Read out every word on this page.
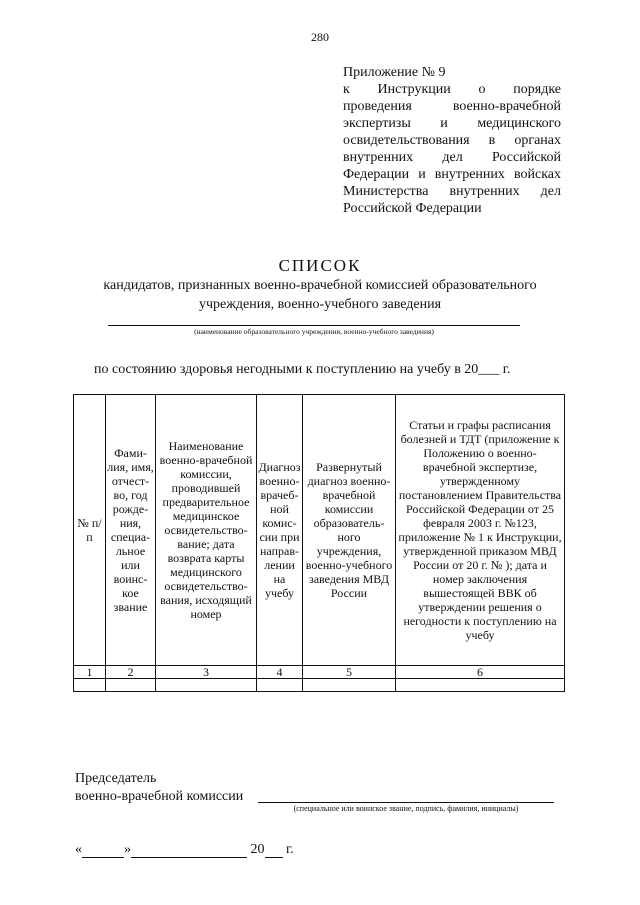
280
Приложение № 9
к Инструкции о порядке
проведения военно-врачебной
экспертизы и медицинского
освидетельствования в органах
внутренних дел Российской
Федерации и внутренних войсках
Министерства внутренних дел
Российской Федерации
СПИСОК
кандидатов, признанных военно-врачебной комиссией образовательного
учреждения, военно-учебного заведения
(наименование образовательного учреждения, военно-учебного заведения)
по состоянию здоровья негодными к поступлению на учебу в 20___ г.
№ п/п	Фами-лия, имя, отчест-во, год рожде-ния, специа-льное или воинс-кое звание	Наименование военно-врачебной комиссии, проводившей предварительное медицинское освидетельство-вание; дата возврата карты медицинского освидетельство-вания, исходящий номер	Диагноз военно-врачеб-ной комис-сии при направ-лении на учебу	Развернутый диагноз военно-врачебной комиссии образователь-ного учреждения, военно-учебного заведения МВД России	Статьи и графы расписания болезней и ТДТ (приложение к Положению о военно-врачебной экспертизе, утвержденному постановлением Правительства Российской Федерации от 25 февраля 2003 г. №123, приложение № 1 к Инструкции, утвержденной приказом МВД России от 20 г. № ); дата и номер заключения вышестоящей ВВК об утверждении решения о негодности к поступлению на учебу
1	2	3	4	5	6

Председатель
военно-врачебной комиссии
(специальное или воинское звание, подпись, фамилия, инициалы)
«	»	20 г.
